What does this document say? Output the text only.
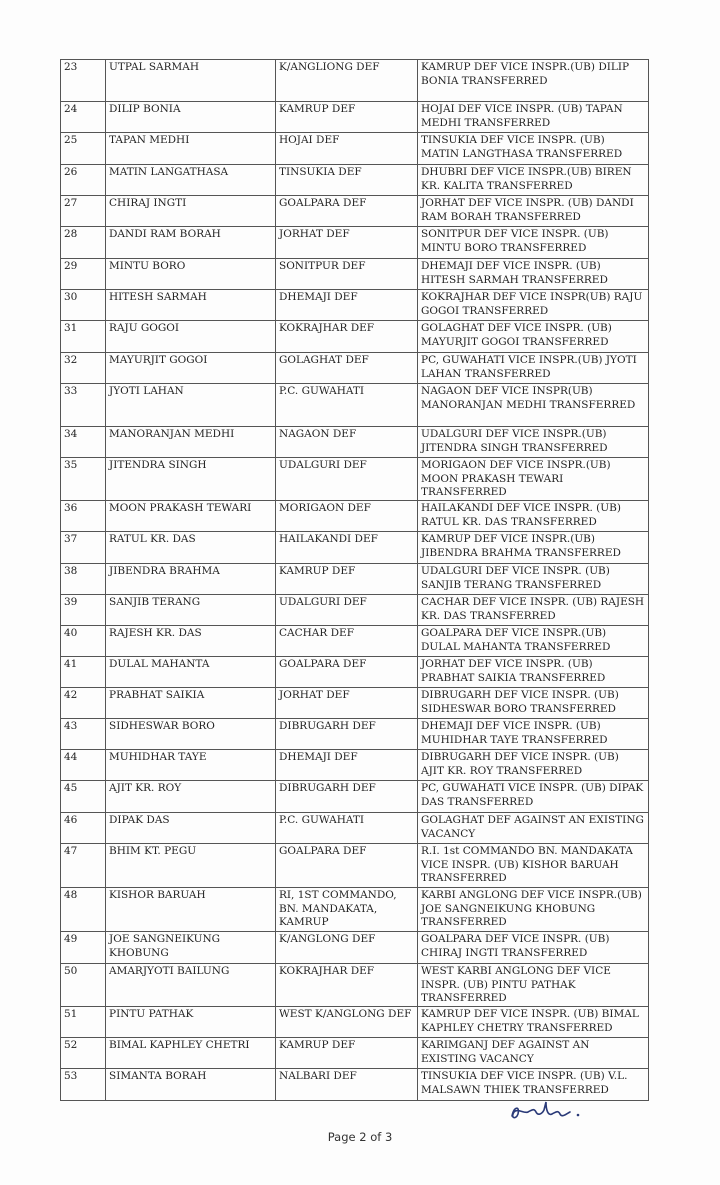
23	UTPAL SARMAH	K/ANGLIONG DEF	KAMRUP DEF VICE INSPR.(UB) DILIP BONIA TRANSFERRED
24	DILIP BONIA	KAMRUP DEF	HOJAI DEF VICE INSPR. (UB) TAPAN MEDHI TRANSFERRED
25	TAPAN MEDHI	HOJAI DEF	TINSUKIA DEF VICE INSPR. (UB) MATIN LANGTHASA TRANSFERRED
26	MATIN LANGATHASA	TINSUKIA DEF	DHUBRI DEF VICE INSPR.(UB) BIREN KR. KALITA TRANSFERRED
27	CHIRAJ INGTI	GOALPARA DEF	JORHAT DEF VICE INSPR. (UB) DANDI RAM BORAH TRANSFERRED
28	DANDI RAM BORAH	JORHAT DEF	SONITPUR DEF VICE INSPR. (UB) MINTU BORO TRANSFERRED
29	MINTU BORO	SONITPUR DEF	DHEMAJI DEF VICE INSPR. (UB) HITESH SARMAH TRANSFERRED
30	HITESH SARMAH	DHEMAJI DEF	KOKRAJHAR DEF VICE INSPR(UB) RAJU GOGOI TRANSFERRED
31	RAJU GOGOI	KOKRAJHAR DEF	GOLAGHAT DEF VICE INSPR. (UB) MAYURJIT GOGOI TRANSFERRED
32	MAYURJIT GOGOI	GOLAGHAT DEF	PC, GUWAHATI VICE INSPR.(UB) JYOTI LAHAN TRANSFERRED
33	JYOTI LAHAN	P.C. GUWAHATI	NAGAON DEF VICE INSPR(UB) MANORANJAN MEDHI TRANSFERRED
34	MANORANJAN MEDHI	NAGAON DEF	UDALGURI DEF VICE INSPR.(UB) JITENDRA SINGH TRANSFERRED
35	JITENDRA SINGH	UDALGURI DEF	MORIGAON DEF VICE INSPR.(UB) MOON PRAKASH TEWARI TRANSFERRED
36	MOON PRAKASH TEWARI	MORIGAON DEF	HAILAKANDI DEF VICE INSPR. (UB) RATUL KR. DAS TRANSFERRED
37	RATUL KR. DAS	HAILAKANDI DEF	KAMRUP DEF VICE INSPR.(UB) JIBENDRA BRAHMA TRANSFERRED
38	JIBENDRA BRAHMA	KAMRUP DEF	UDALGURI DEF VICE INSPR. (UB) SANJIB TERANG TRANSFERRED
39	SANJIB TERANG	UDALGURI DEF	CACHAR DEF VICE INSPR. (UB) RAJESH KR. DAS TRANSFERRED
40	RAJESH KR. DAS	CACHAR DEF	GOALPARA DEF VICE INSPR.(UB) DULAL MAHANTA TRANSFERRED
41	DULAL MAHANTA	GOALPARA DEF	JORHAT DEF VICE INSPR. (UB) PRABHAT SAIKIA TRANSFERRED
42	PRABHAT SAIKIA	JORHAT DEF	DIBRUGARH DEF VICE INSPR. (UB) SIDHESWAR BORO TRANSFERRED
43	SIDHESWAR BORO	DIBRUGARH DEF	DHEMAJI DEF VICE INSPR. (UB) MUHIDHAR TAYE TRANSFERRED
44	MUHIDHAR TAYE	DHEMAJI DEF	DIBRUGARH DEF VICE INSPR. (UB) AJIT KR. ROY TRANSFERRED
45	AJIT KR. ROY	DIBRUGARH DEF	PC, GUWAHATI VICE INSPR. (UB) DIPAK DAS TRANSFERRED
46	DIPAK DAS	P.C. GUWAHATI	GOLAGHAT DEF AGAINST AN EXISTING VACANCY
47	BHIM KT. PEGU	GOALPARA DEF	R.I. 1st COMMANDO BN. MANDAKATA VICE INSPR. (UB) KISHOR BARUAH TRANSFERRED
48	KISHOR BARUAH	RI, 1ST COMMANDO, BN. MANDAKATA, KAMRUP	KARBI ANGLONG DEF VICE INSPR.(UB) JOE SANGNEIKUNG KHOBUNG TRANSFERRED
49	JOE SANGNEIKUNG KHOBUNG	K/ANGLONG DEF	GOALPARA DEF VICE INSPR. (UB) CHIRAJ INGTI TRANSFERRED
50	AMARJYOTI BAILUNG	KOKRAJHAR DEF	WEST KARBI ANGLONG DEF VICE INSPR. (UB) PINTU PATHAK TRANSFERRED
51	PINTU PATHAK	WEST K/ANGLONG DEF	KAMRUP DEF VICE INSPR. (UB) BIMAL KAPHLEY CHETRY TRANSFERRED
52	BIMAL KAPHLEY CHETRI	KAMRUP DEF	KARIMGANJ DEF AGAINST AN EXISTING VACANCY
53	SIMANTA BORAH	NALBARI DEF	TINSUKIA DEF VICE INSPR. (UB) V.L. MALSAWN THIEK TRANSFERRED
Page 2 of 3
